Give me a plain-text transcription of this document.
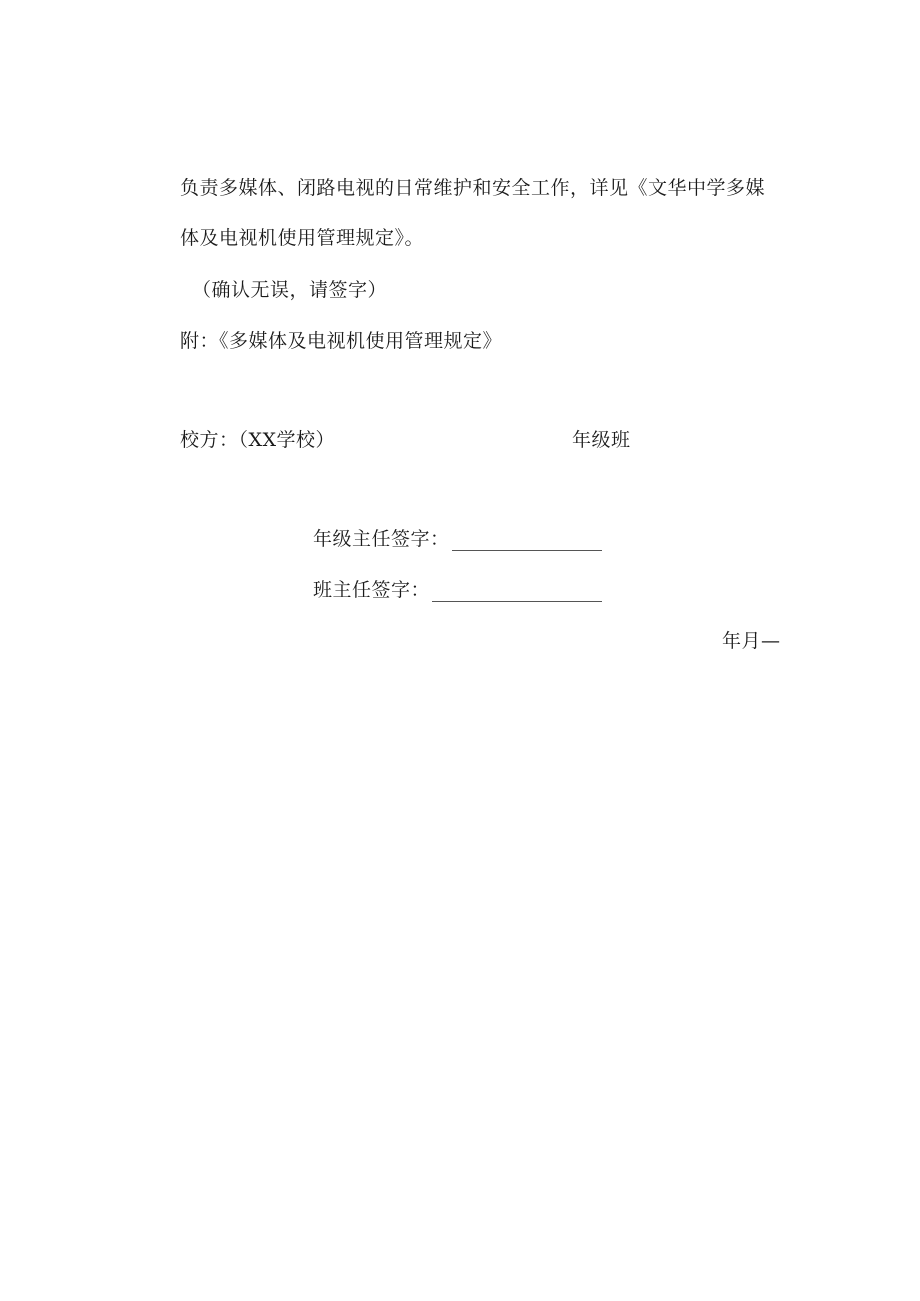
负责多媒体、闭路电视的日常维护和安全工作，详见《文华中学多媒
体及电视机使用管理规定》。
（确认无误，请签字）
附：《多媒体及电视机使用管理规定》
校方：（XX学校）	年级班
年级主任签字：
班主任签字：
年月—
